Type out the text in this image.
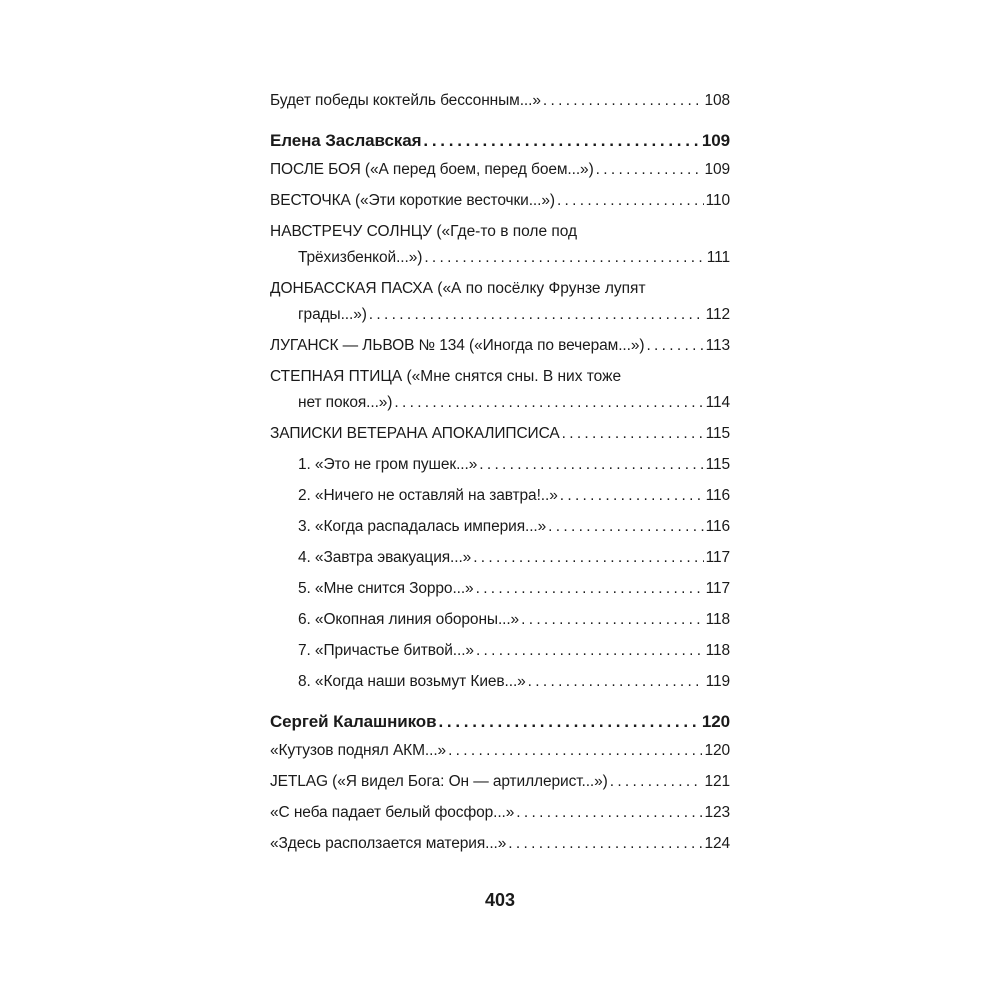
Будет победы коктейль бессонным...» . . .	108
Елена Заславская . . .	109
ПОСЛЕ БОЯ («А перед боем, перед боем...») . . .	109
ВЕСТОЧКА («Эти короткие весточки...») . . .	110
НАВСТРЕЧУ СОЛНЦУ («Где-то в поле под
Трёхизбенкой...») . . .	111
ДОНБАССКАЯ ПАСХА («А по посёлку Фрунзе лупят
грады...») . . .	112
ЛУГАНСК — ЛЬВОВ № 134 («Иногда по вечерам...») . . .	113
СТЕПНАЯ ПТИЦА («Мне снятся сны. В них тоже
нет покоя...») . . .	114
ЗАПИСКИ ВЕТЕРАНА АПОКАЛИПСИСА . . .	115
1. «Это не гром пушек...» . . .	115
2. «Ничего не оставляй на завтра!..» . . .	116
3. «Когда распадалась империя...» . . .	116
4. «Завтра эвакуация...» . . .	117
5. «Мне снится Зорро...» . . .	117
6. «Окопная линия обороны...» . . .	118
7. «Причастье битвой...» . . .	118
8. «Когда наши возьмут Киев...» . . .	119
Сергей Калашников . . .	120
«Кутузов поднял АКМ...» . . .	120
JETLAG («Я видел Бога: Он — артиллерист...») . . .	121
«С неба падает белый фосфор...» . . .	123
«Здесь расползается материя...» . . .	124
403
